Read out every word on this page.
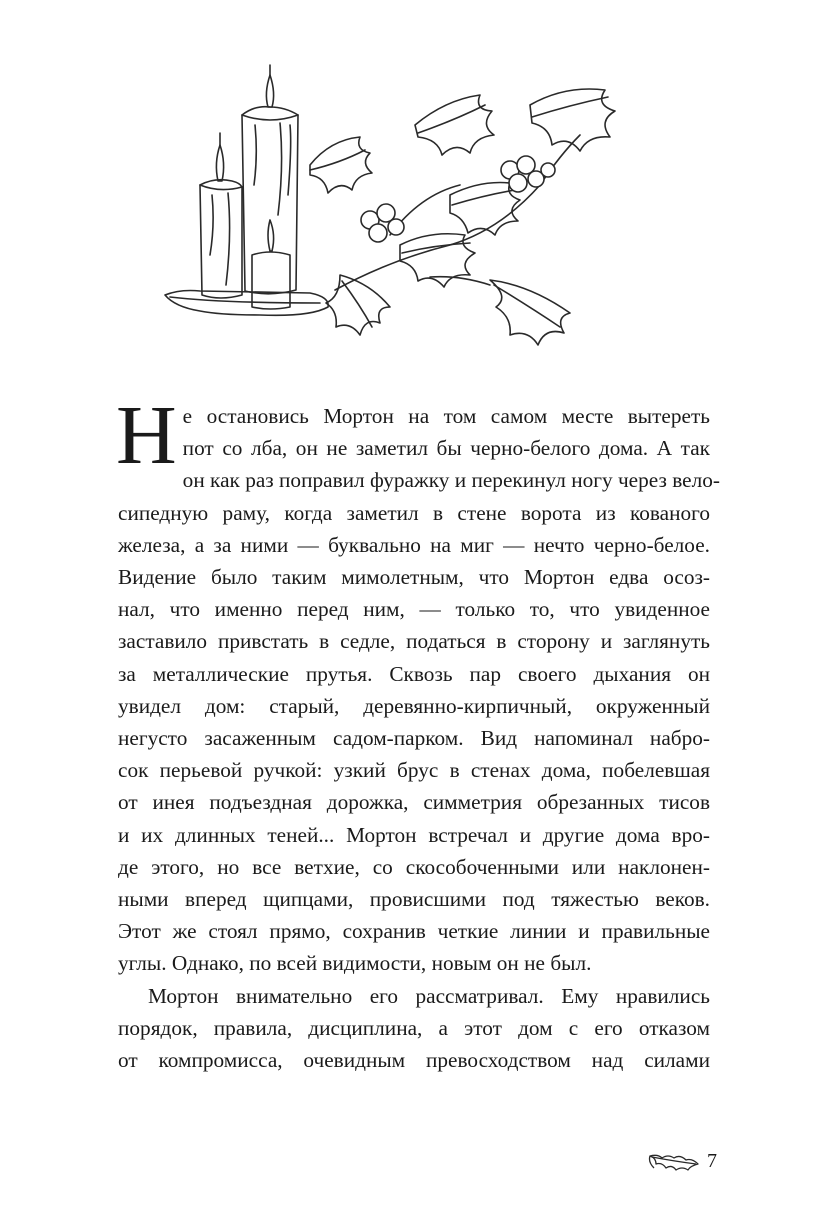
Н е остановись Мортон на том самом месте вытереть
пот со лба, он не заметил бы черно-белого дома. А так
он как раз поправил фуражку и перекинул ногу через вело-
сипедную раму, когда заметил в стене ворота из кованого
железа, а за ними — буквально на миг — нечто черно-белое.
Видение было таким мимолетным, что Мортон едва осоз-
нал, что именно перед ним, — только то, что увиденное
заставило привстать в седле, податься в сторону и заглянуть
за металлические прутья. Сквозь пар своего дыхания он
увидел дом: старый, деревянно-кирпичный, окруженный
негусто засаженным садом-парком. Вид напоминал набро-
сок перьевой ручкой: узкий брус в стенах дома, побелевшая
от инея подъездная дорожка, симметрия обрезанных тисов
и их длинных теней... Мортон встречал и другие дома вро-
де этого, но все ветхие, со скособоченными или наклонен-
ными вперед щипцами, провисшими под тяжестью веков.
Этот же стоял прямо, сохранив четкие линии и правильные
углы. Однако, по всей видимости, новым он не был.

Мортон внимательно его рассматривал. Ему нравились
порядок, правила, дисциплина, а этот дом с его отказом
от компромисса, очевидным превосходством над силами

7
